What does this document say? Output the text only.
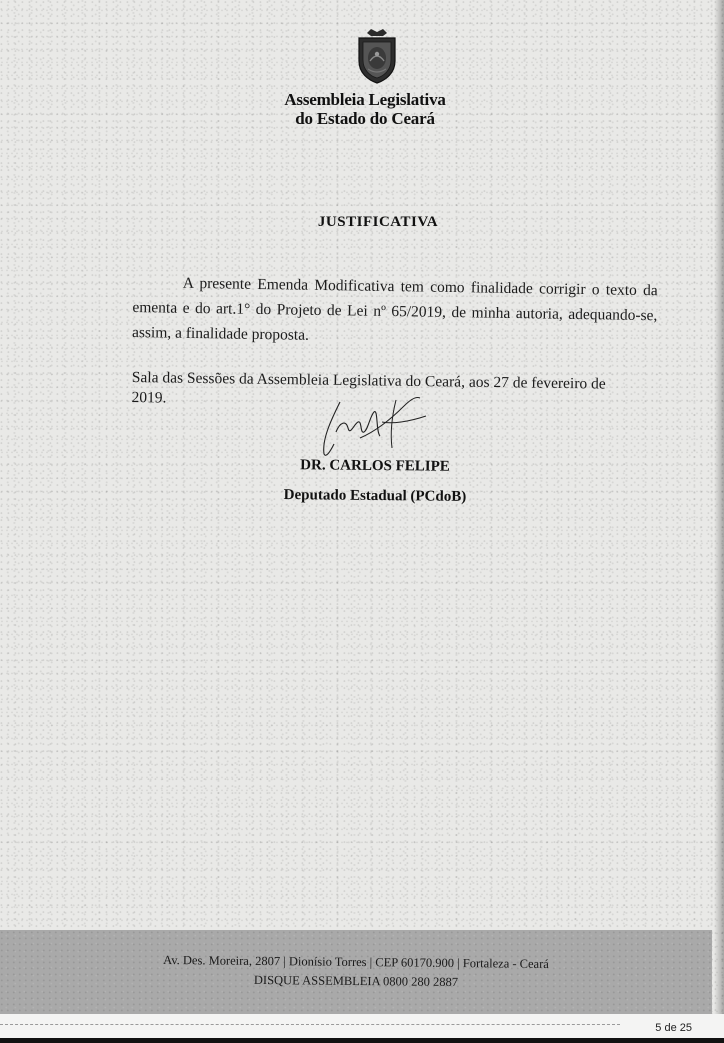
Assembleia Legislativa
do Estado do Ceará
JUSTIFICATIVA
A presente Emenda Modificativa tem como finalidade corrigir o texto da ementa e do art.1° do Projeto de Lei nº 65/2019, de minha autoria, adequando-se, assim, a finalidade proposta.
Sala das Sessões da Assembleia Legislativa do Ceará, aos 27 de fevereiro de 2019.
DR. CARLOS FELIPE
Deputado Estadual (PCdoB)
Av. Des. Moreira, 2807 | Dionísio Torres | CEP 60170.900 | Fortaleza - Ceará
DISQUE ASSEMBLEIA 0800 280 2887
5 de 25
